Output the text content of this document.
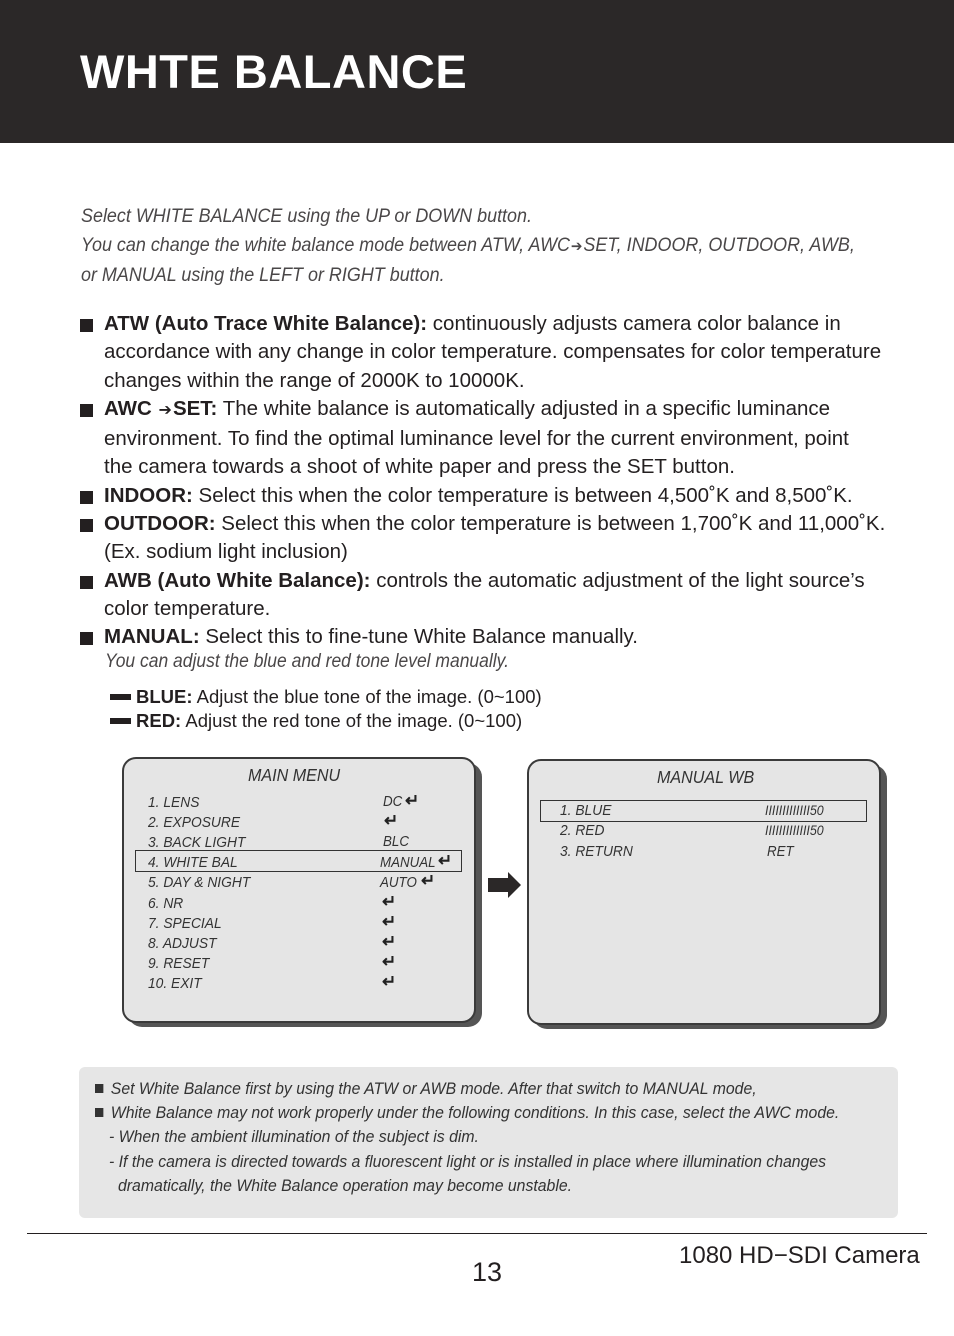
WHTE BALANCE
Select WHITE BALANCE using the UP or DOWN button.
You can change the white balance mode between ATW, AWC➔SET, INDOOR, OUTDOOR, AWB,
or MANUAL using the LEFT or RIGHT button.
ATW (Auto Trace White Balance): continuously adjusts camera color balance in
accordance with any change in color temperature. compensates for color temperature
changes within the range of 2000K to 10000K.
AWC ➔SET: The white balance is automatically adjusted in a specific luminance
environment. To find the optimal luminance level for the current environment, point
the camera towards a shoot of white paper and press the SET button.
INDOOR: Select this when the color temperature is between 4,500˚K and 8,500˚K.
OUTDOOR: Select this when the color temperature is between 1,700˚K and 11,000˚K.
(Ex. sodium light inclusion)
AWB (Auto White Balance): controls the automatic adjustment of the light source’s
color temperature.
MANUAL: Select this to fine-tune White Balance manually.
You can adjust the blue and red tone level manually.
BLUE: Adjust the blue tone of the image. (0~100)
RED: Adjust the red tone of the image. (0~100)
MAIN MENU
1. LENS	DC ↵
2. EXPOSURE	↵
3. BACK LIGHT	BLC
4. WHITE BAL	MANUAL ↵
5. DAY & NIGHT	AUTO ↵
6. NR	↵
7. SPECIAL	↵
8. ADJUST	↵
9. RESET	↵
10. EXIT	↵
MANUAL WB
1. BLUE	IIIIIIIIIIIII50
2. RED	IIIIIIIIIIIII50
3. RETURN	RET
Set White Balance first by using the ATW or AWB mode. After that switch to MANUAL mode,
White Balance may not work properly under the following conditions. In this case, select the AWC mode.
- When the ambient illumination of the subject is dim.
- If the camera is directed towards a fluorescent light or is installed in place where illumination changes
dramatically, the White Balance operation may become unstable.
13
1080 HD−SDI Camera
